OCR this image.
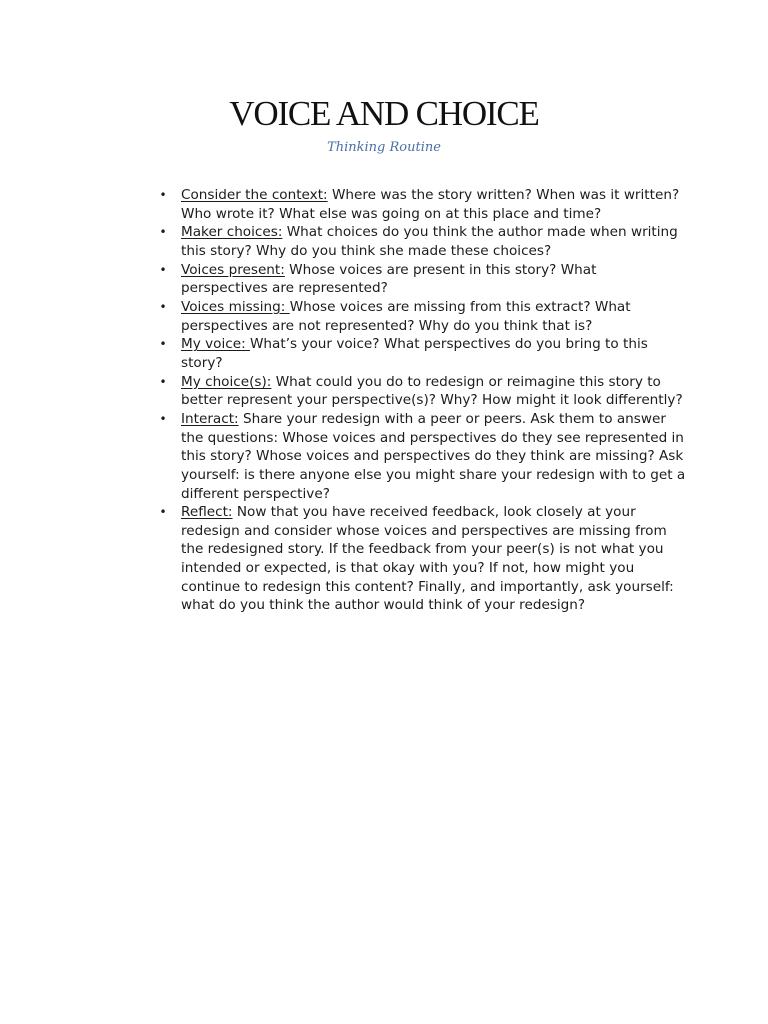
VOICE AND CHOICE
Thinking Routine
• Consider the context: Where was the story written? When was it written? Who wrote it? What else was going on at this place and time?
• Maker choices: What choices do you think the author made when writing this story? Why do you think she made these choices?
• Voices present: Whose voices are present in this story? What perspectives are represented?
• Voices missing: Whose voices are missing from this extract? What perspectives are not represented? Why do you think that is?
• My voice: What’s your voice? What perspectives do you bring to this story?
• My choice(s): What could you do to redesign or reimagine this story to better represent your perspective(s)? Why? How might it look differently?
• Interact: Share your redesign with a peer or peers. Ask them to answer the questions: Whose voices and perspectives do they see represented in this story? Whose voices and perspectives do they think are missing? Ask yourself: is there anyone else you might share your redesign with to get a different perspective?
• Reflect: Now that you have received feedback, look closely at your redesign and consider whose voices and perspectives are missing from the redesigned story. If the feedback from your peer(s) is not what you intended or expected, is that okay with you? If not, how might you continue to redesign this content? Finally, and importantly, ask yourself: what do you think the author would think of your redesign?
